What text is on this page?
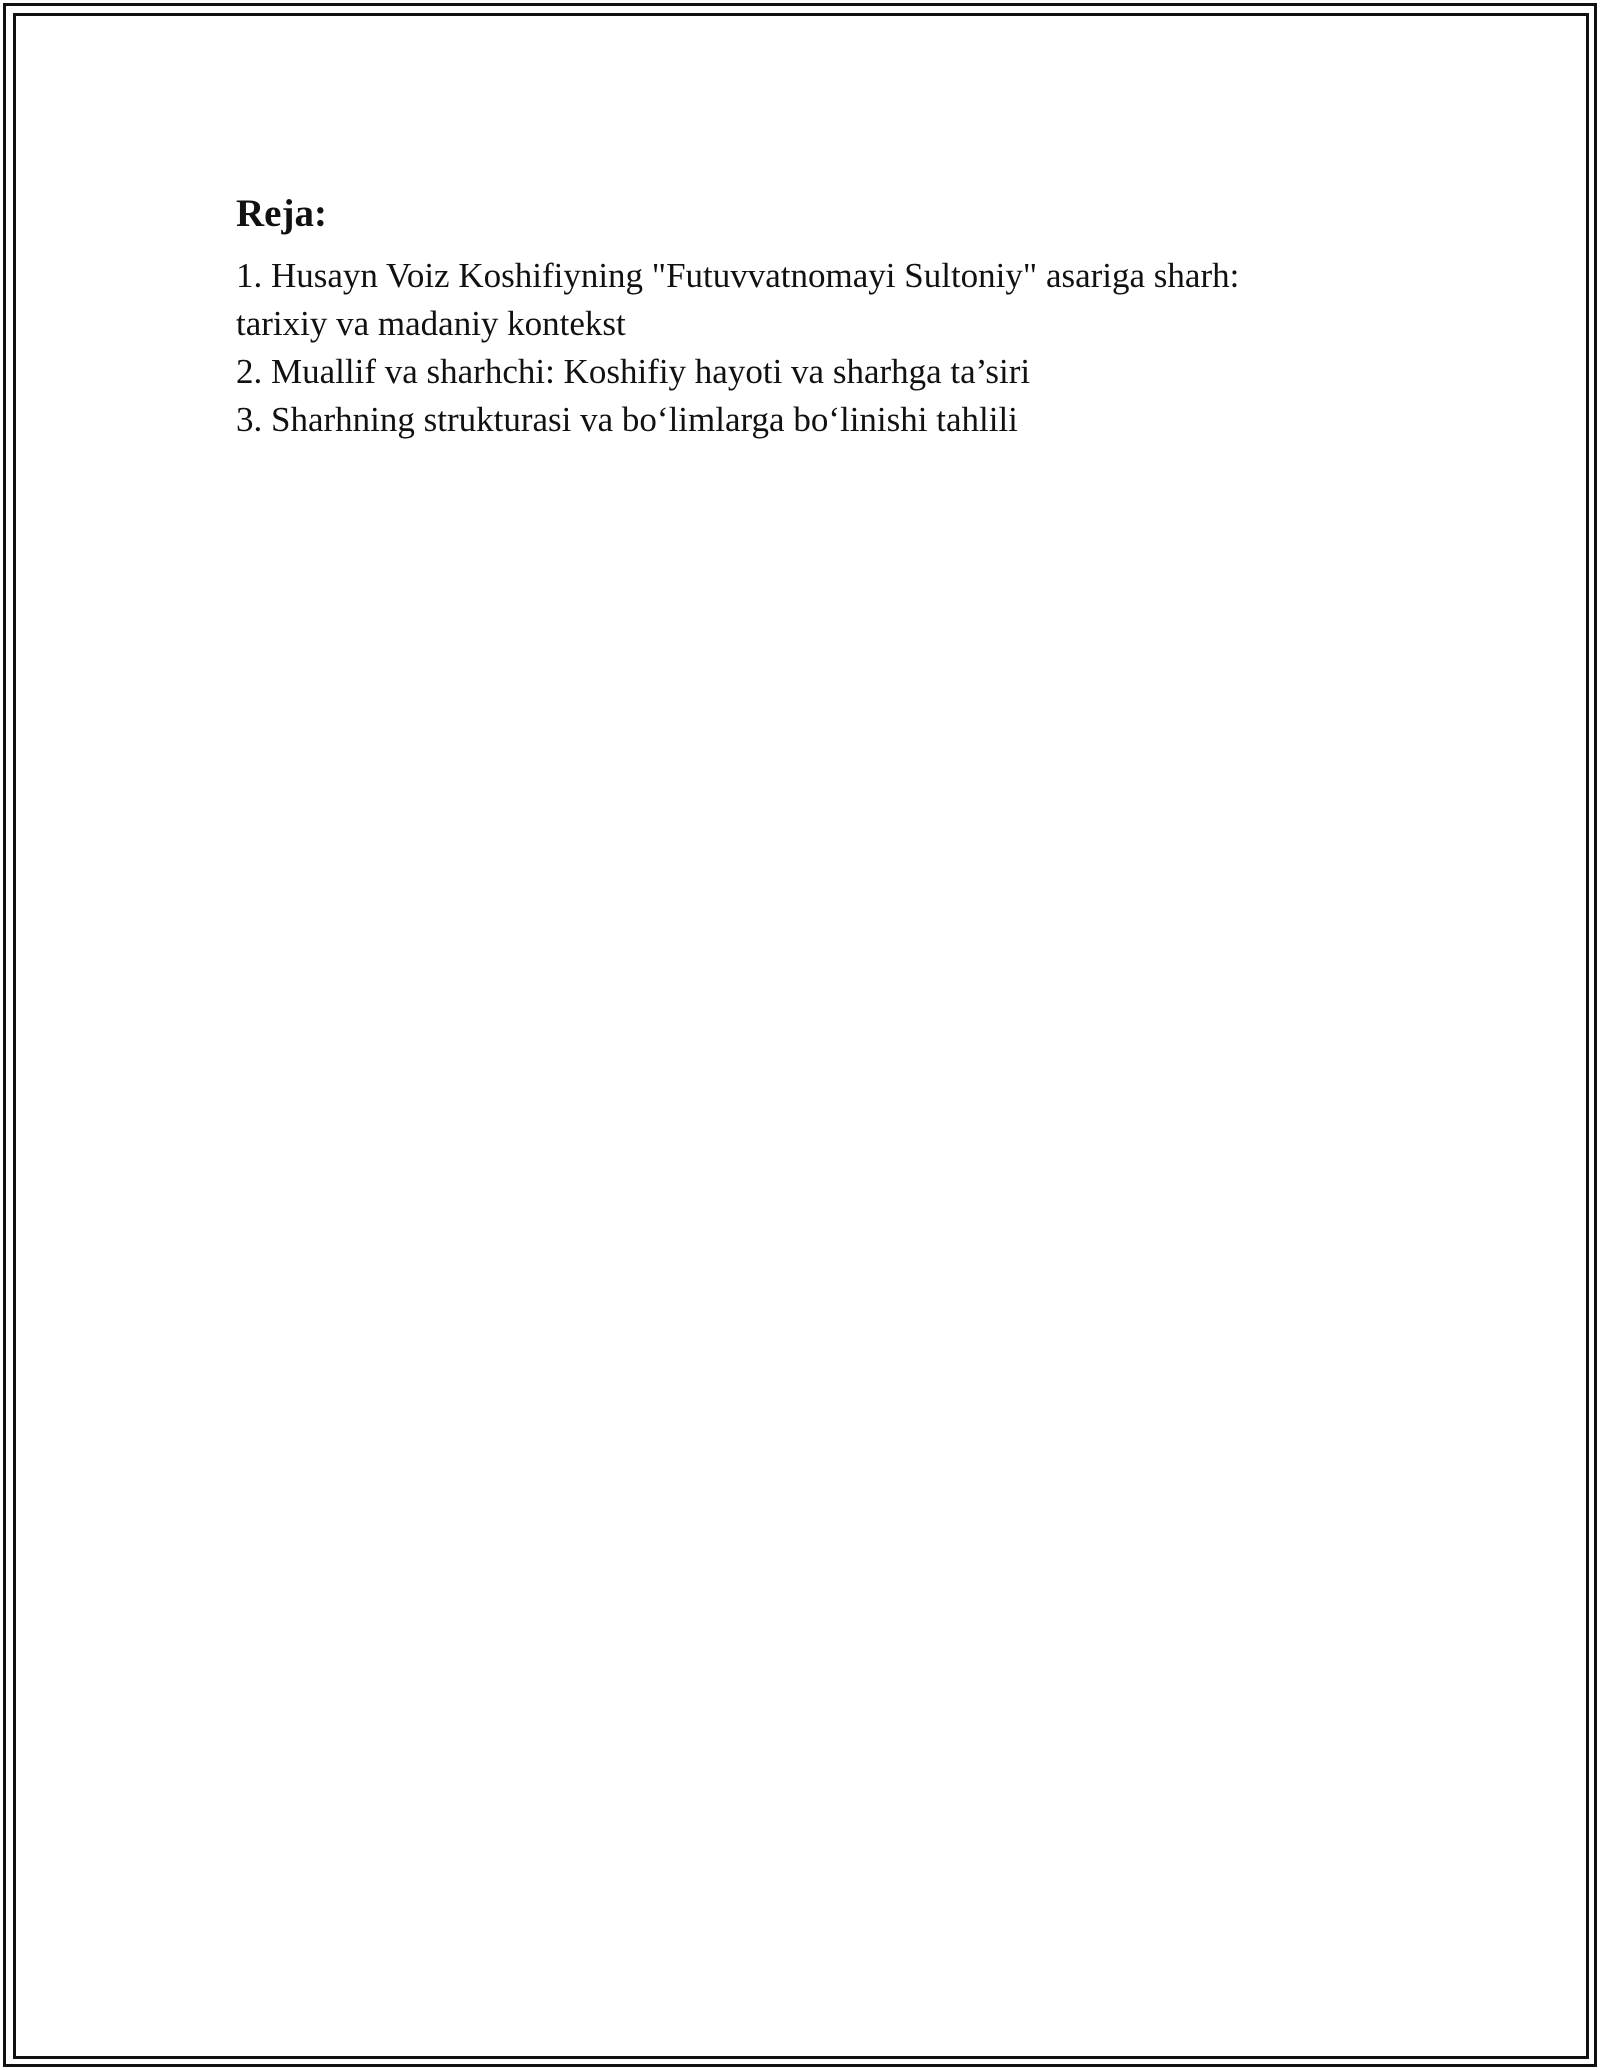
Reja:
1. Husayn Voiz Koshifiyning "Futuvvatnomayi Sultoniy" asariga sharh:
tarixiy va madaniy kontekst
2. Muallif va sharhchi: Koshifiy hayoti va sharhga ta’siri
3. Sharhning strukturasi va bo‘limlarga bo‘linishi tahlili
